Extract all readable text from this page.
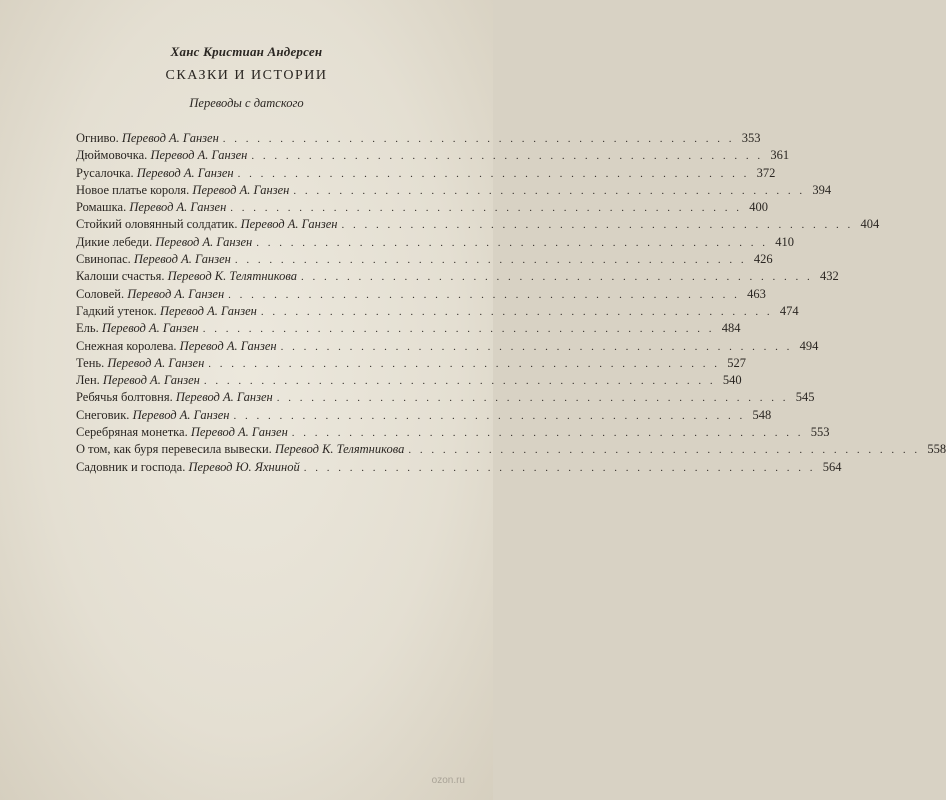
Ханс Кристиан Андерсен
СКАЗКИ И ИСТОРИИ
Переводы с датского
Огниво. Перевод А. Ганзен . . .	353
Дюймовочка. Перевод А. Ганзен . . .	361
Русалочка. Перевод А. Ганзен . . .	372
Новое платье короля. Перевод А. Ганзен . . .	394
Ромашка. Перевод А. Ганзен . . .	400
Стойкий оловянный солдатик. Перевод А. Ганзен . . .	404
Дикие лебеди. Перевод А. Ганзен . . .	410
Свинопас. Перевод А. Ганзен . . .	426
Калоши счастья. Перевод К. Телятникова . . .	432
Соловей. Перевод А. Ганзен . . .	463
Гадкий утенок. Перевод А. Ганзен . . .	474
Ель. Перевод А. Ганзен . . .	484
Снежная королева. Перевод А. Ганзен . . .	494
Тень. Перевод А. Ганзен . . .	527
Лен. Перевод А. Ганзен . . .	540
Ребячья болтовня. Перевод А. Ганзен . . .	545
Снеговик. Перевод А. Ганзен . . .	548
Серебряная монетка. Перевод А. Ганзен . . .	553
О том, как буря перевесила вывески. Перевод К. Телятникова . . .	558
Садовник и господа. Перевод Ю. Яхниной . . .	564
ozon.ru
